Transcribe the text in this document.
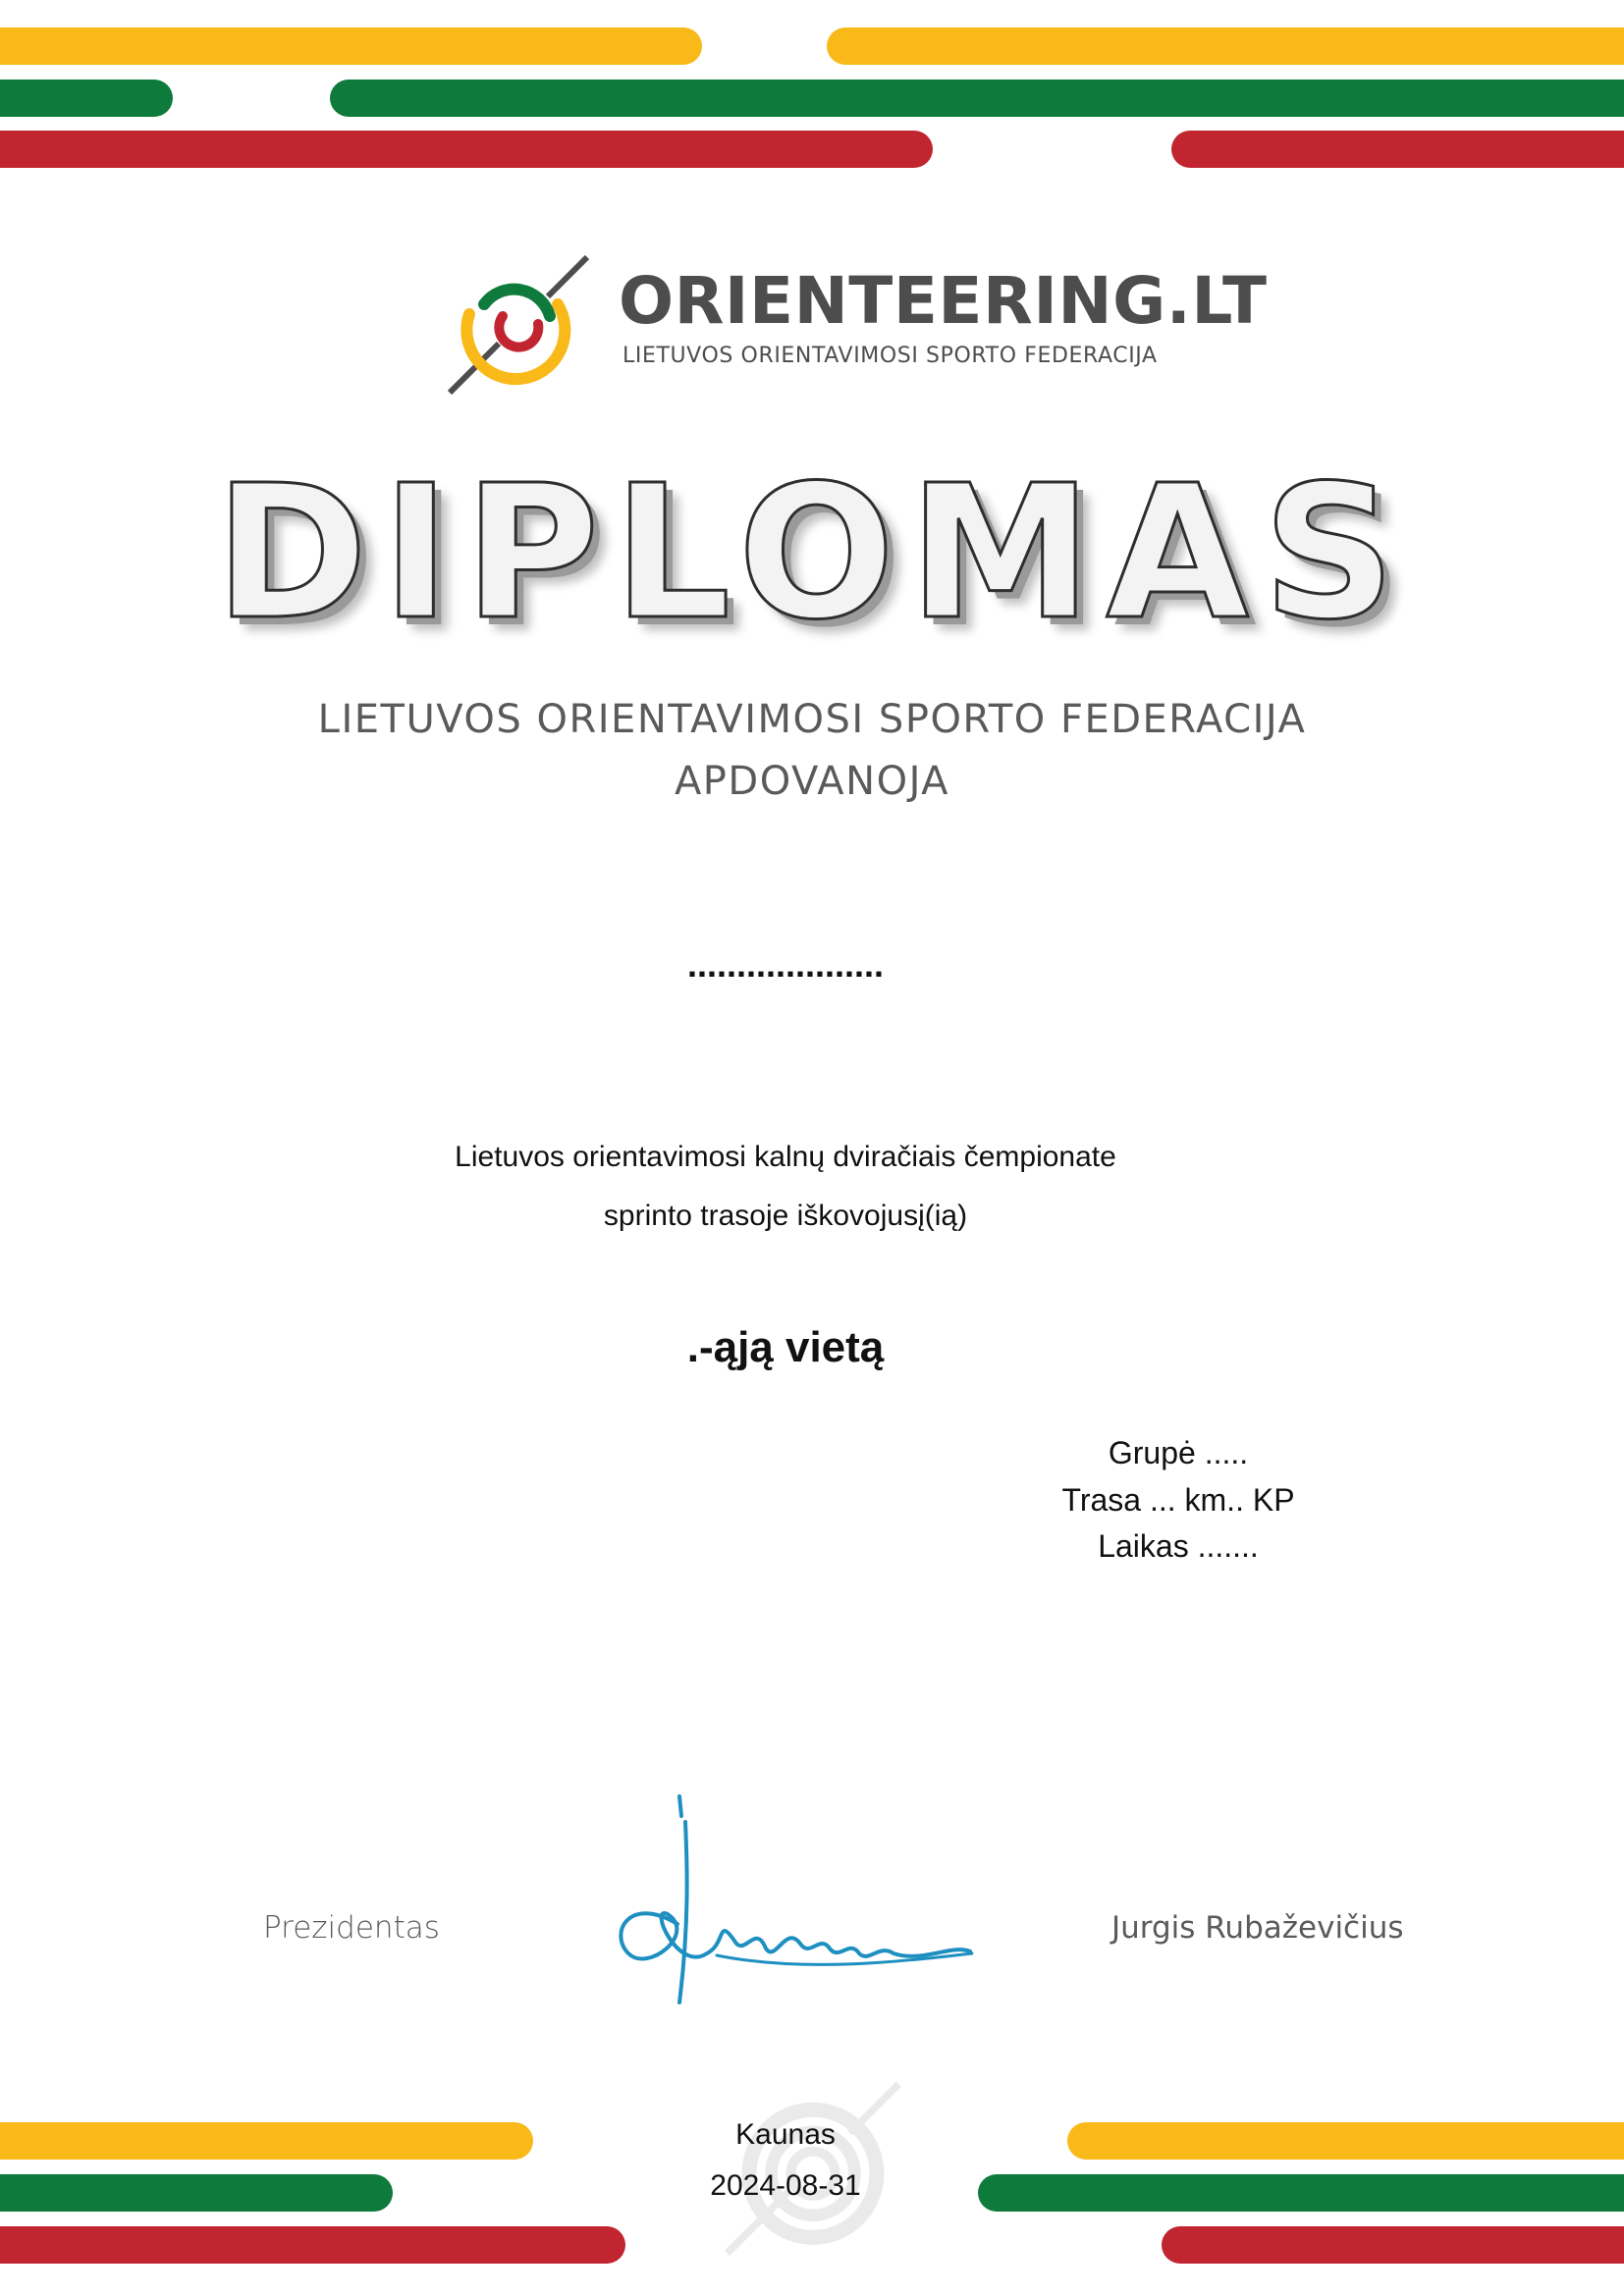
ORIENTEERING.LT

LIETUVOS ORIENTAVIMOSI SPORTO FEDERACIJA

DIPLOMAS

LIETUVOS ORIENTAVIMOSI SPORTO FEDERACIJA

APDOVANOJA

....................

Lietuvos orientavimosi kalnų dviračiais čempionate

sprinto trasoje iškovojusį(ią)

.-ąją vietą

Grupė .....

Trasa ... km.. KP

Laikas .......

Prezidentas	Jurgis Rubaževičius

Kaunas

2024-08-31
